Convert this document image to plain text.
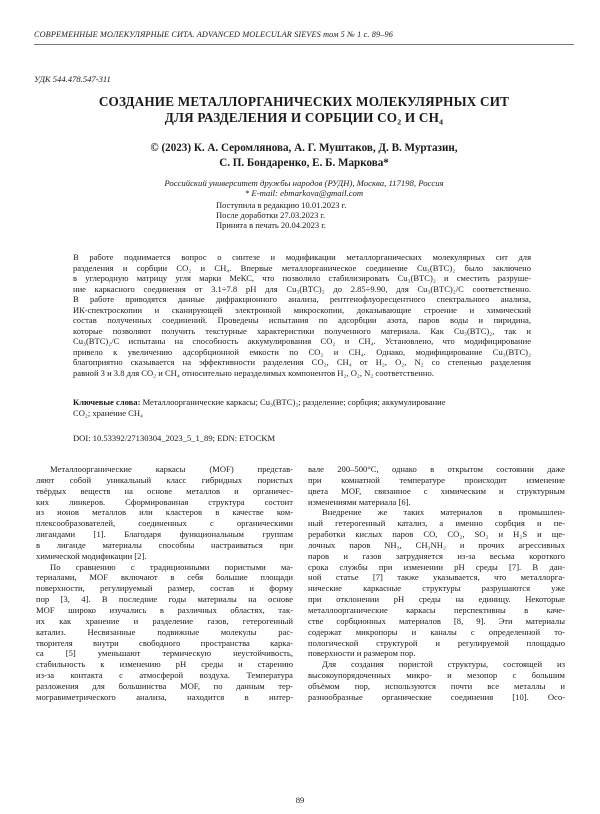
СОВРЕМЕННЫЕ МОЛЕКУЛЯРНЫЕ СИТА. ADVANCED MOLECULAR SIEVES том 5 № 1 с. 89–96
УДК 544.478.547-311
СОЗДАНИЕ МЕТАЛЛОРГАНИЧЕСКИХ МОЛЕКУЛЯРНЫХ СИТ
ДЛЯ РАЗДЕЛЕНИЯ И СОРБЦИИ CO₂ И CH₄
© (2023) К. А. Серомлянова, А. Г. Муштаков, Д. В. Муртазин,
С. П. Бондаренко, Е. Б. Маркова*
Российский университет дружбы народов (РУДН), Москва, 117198, Россия
* E-mail: ebmarkova@gmail.com
Поступила в редакцию 10.01.2023 г.
После доработки 27.03.2023 г.
Принята в печать 20.04.2023 г.
В работе поднимается вопрос о синтезе и модификации металлорганических молекулярных сит для
разделения и сорбции CO₂ и CH₄. Впервые металлорганическое соединение Cu₃(BTC)₂ было заключено
в углеродную матрицу угля марки МеКС, что позволило стабилизировать Cu₃(BTC)₂ и сместить разруше-
ние каркасного соединения от 3.1÷7.8 pH для Cu₃(BTC)₂ до 2.85÷9.90, для Cu₃(BTC)₂/С соответственно.
В работе приводятся данные дифракционного анализа, рентгенофлуоресцентного спектрального анализа,
ИК-спектроскопии и сканирующей электронной микроскопии, доказывающие строение и химический
состав полученных соединений. Проведены испытания по адсорбции азота, паров воды и пиридина,
которые позволяют получить текстурные характеристики полученного материала. Как Cu₃(BTC)₂, так и
Cu₃(BTC)₂/С испытаны на способность аккумулирования CO₂ и CH₄. Установлено, что модифицирование
привело к увеличению адсорбционной емкости по CO₂ и CH₄. Однако, модифицирование Cu₃(BTC)₂
благоприятно сказывается на эффективности разделения CO₂, CH₄ от H₂, O₂, N₂ со степенью разделения
равной 3 и 3.8 для CO₂ и CH₄ относительно неразделимых компонентов H₂, O₂, N₂ соответственно.
Ключевые слова: Металлоорганические каркасы; Cu₃(BTC)₂; разделение; сорбция; аккумулирование
CO₂; хранение CH₄
DOI: 10.53392/27130304_2023_5_1_89; EDN: ETOCKM
Металлоорганические каркасы (MOF) представ-
ляют собой уникальный класс гибридных пористых
твёрдых веществ на основе металлов и органичес-
ких линкеров. Сформированная структура состоит
из ионов металлов или кластеров в качестве ком-
плексообразователей, соединенных с органическими
лигандами [1]. Благодаря функциональным группам
в лиганде материалы способны настраиваться при
химической модификации [2].
По сравнению с традиционными пористыми ма-
териалами, MOF включают в себя большие площади
поверхности, регулируемый размер, состав и форму
пор [3, 4]. В последние годы материалы на основе
MOF широко изучались в различных областях, так-
их как хранение и разделение газов, гетерогенный
катализ. Несвязанные подвижные молекулы рас-
творителя внутри свободного пространства карка-
са [5] уменьшают термическую неустойчивость,
стабильность к изменению pH среды и старению
из-за контакта с атмосферой воздуха. Температура
разложения для большинства MOF, по данным тер-
могравиметрического анализа, находится в интер-
вале 200–500°С, однако в открытом состоянии даже
при комнатной температуре происходит изменение
цвета MOF, связанное с химическим и структурным
изменениями материала [6].
Внедрение же таких материалов в промышлен-
ный гетерогенный катализ, а именно сорбция и пе-
реработки кислых паров CO, CO₂, SO₂ и H₂S и ще-
лочных паров NH₃, CH₃NH₂ и прочих агрессивных
паров и газов затрудняется из-за весьма короткого
срока службы при изменении pH среды [7]. В дан-
ной статье [7] также указывается, что металлорга-
нические каркасные структуры разрушаются уже
при отклонении pH среды на единицу. Некоторые
металлоорганические каркасы перспективны в каче-
стве сорбционных материалов [8, 9]. Эти материалы
содержат микропоры и каналы с определенной то-
пологической структурой и регулируемой площадью
поверхности и размером пор.
Для создания пористой структуры, состоящей из
высокоупорядоченных микро- и мезопор с большим
объёмом пор, используются почти все металлы и
разнообразные органические соединения [10]. Осо-
89
